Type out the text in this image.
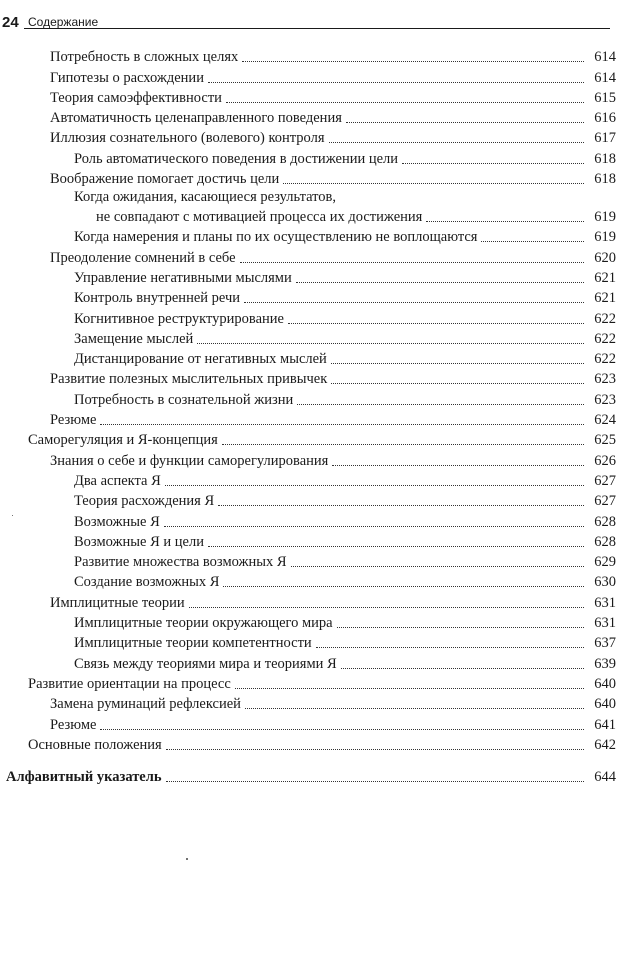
24 Содержание
Потребность в сложных целях	614
Гипотезы о расхождении	614
Теория самоэффективности	615
Автоматичность целенаправленного поведения	616
Иллюзия сознательного (волевого) контроля	617
Роль автоматического поведения в достижении цели	618
Воображение помогает достичь цели	618
Когда ожидания, касающиеся результатов,
не совпадают с мотивацией процесса их достижения	619
Когда намерения и планы по их осуществлению не воплощаются	619
Преодоление сомнений в себе	620
Управление негативными мыслями	621
Контроль внутренней речи	621
Когнитивное реструктурирование	622
Замещение мыслей	622
Дистанцирование от негативных мыслей	622
Развитие полезных мыслительных привычек	623
Потребность в сознательной жизни	623
Резюме	624
Саморегуляция и Я-концепция	625
Знания о себе и функции саморегулирования	626
Два аспекта Я	627
Теория расхождения Я	627
Возможные Я	628
Возможные Я и цели	628
Развитие множества возможных Я	629
Создание возможных Я	630
Имплицитные теории	631
Имплицитные теории окружающего мира	631
Имплицитные теории компетентности	637
Связь между теориями мира и теориями Я	639
Развитие ориентации на процесс	640
Замена руминаций рефлексией	640
Резюме	641
Основные положения	642
Алфавитный указатель	644
